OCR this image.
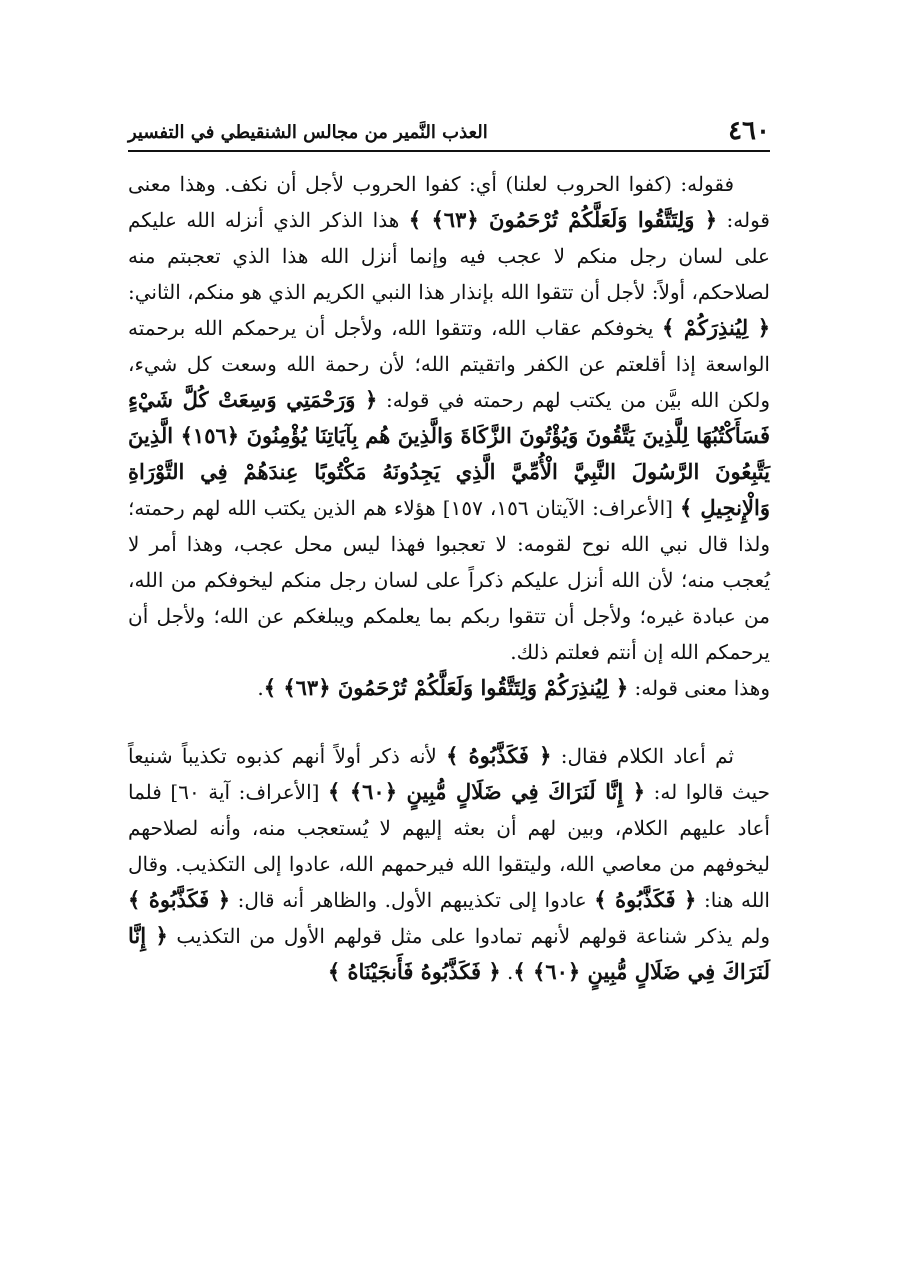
٤٦٠
العذب النَّمير من مجالس الشنقيطي في التفسير

فقوله: (كفوا الحروب لعلنا) أي: كفوا الحروب لأجل أن نكف. وهذا معنى قوله: ﴿ وَلِتَتَّقُوا وَلَعَلَّكُمْ تُرْحَمُونَ ﴿٦٣﴾ ﴾ هذا الذكر الذي أنزله الله عليكم على لسان رجل منكم لا عجب فيه وإنما أنزل الله هذا الذي تعجبتم منه لصلاحكم، أولاً: لأجل أن تتقوا الله بإنذار هذا النبي الكريم الذي هو منكم، الثاني: ﴿ لِيُنذِرَكُمْ ﴾ يخوفكم عقاب الله، وتتقوا الله، ولأجل أن يرحمكم الله برحمته الواسعة إذا أقلعتم عن الكفر واتقيتم الله؛ لأن رحمة الله وسعت كل شيء، ولكن الله بيَّن من يكتب لهم رحمته في قوله: ﴿ وَرَحْمَتِي وَسِعَتْ كُلَّ شَيْءٍ فَسَأَكْتُبُهَا لِلَّذِينَ يَتَّقُونَ وَيُؤْتُونَ الزَّكَاةَ وَالَّذِينَ هُم بِآيَاتِنَا يُؤْمِنُونَ ﴿١٥٦﴾ الَّذِينَ يَتَّبِعُونَ الرَّسُولَ النَّبِيَّ الْأُمِّيَّ الَّذِي يَجِدُونَهُ مَكْتُوبًا عِندَهُمْ فِي التَّوْرَاةِ وَالْإِنجِيلِ ﴾ [الأعراف: الآيتان ١٥٦، ١٥٧] هؤلاء هم الذين يكتب الله لهم رحمته؛ ولذا قال نبي الله نوح لقومه: لا تعجبوا فهذا ليس محل عجب، وهذا أمر لا يُعجب منه؛ لأن الله أنزل عليكم ذكراً على لسان رجل منكم ليخوفكم من الله، من عبادة غيره؛ ولأجل أن تتقوا ربكم بما يعلمكم ويبلغكم عن الله؛ ولأجل أن يرحمكم الله إن أنتم فعلتم ذلك.

وهذا معنى قوله: ﴿ لِيُنذِرَكُمْ وَلِتَتَّقُوا وَلَعَلَّكُمْ تُرْحَمُونَ ﴿٦٣﴾ ﴾.

ثم أعاد الكلام فقال: ﴿ فَكَذَّبُوهُ ﴾ لأنه ذكر أولاً أنهم كذبوه تكذيباً شنيعاً حيث قالوا له: ﴿ إِنَّا لَنَرَاكَ فِي ضَلَالٍ مُّبِينٍ ﴿٦٠﴾ ﴾ [الأعراف: آية ٦٠] فلما أعاد عليهم الكلام، وبين لهم أن بعثه إليهم لا يُستعجب منه، وأنه لصلاحهم ليخوفهم من معاصي الله، وليتقوا الله فيرحمهم الله، عادوا إلى التكذيب. وقال الله هنا: ﴿ فَكَذَّبُوهُ ﴾ عادوا إلى تكذيبهم الأول. والظاهر أنه قال: ﴿ فَكَذَّبُوهُ ﴾ ولم يذكر شناعة قولهم لأنهم تمادوا على مثل قولهم الأول من التكذيب ﴿ إِنَّا لَنَرَاكَ فِي ضَلَالٍ مُّبِينٍ ﴿٦٠﴾ ﴾. ﴿ فَكَذَّبُوهُ فَأَنجَيْنَاهُ ﴾
